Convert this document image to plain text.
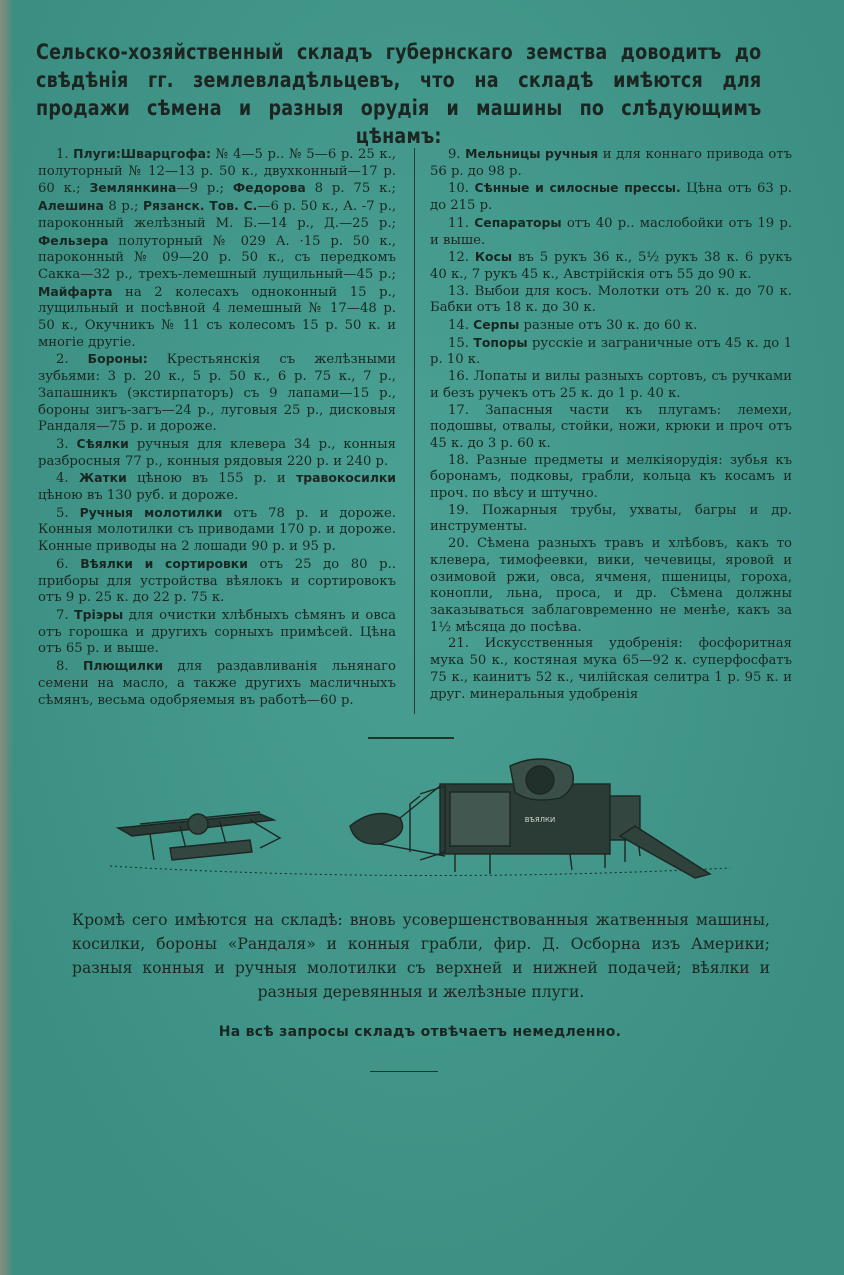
Сельско-хозяйственный складъ губернскаго земства доводитъ до свѣдѣнія гг. землевладѣльцевъ, что на складѣ имѣются для продажи сѣмена и разныя орудія и машины по слѣдующимъ цѣнамъ:

1. Плуги:Шварцгофа: № 4—5 р.. № 5—6 р. 25 к., полуторный № 12—13 р. 50 к., двухконный—17 р. 60 к.; Землянкина—9 р.; Федорова 8 р. 75 к.; Алешина 8 р.; Рязанск. Тов. С.—6 р. 50 к., А. -7 р., пароконный желѣзный М. Б.—14 р., Д.—25 р.; Фельзера полуторный № 029 А. ·15 р. 50 к., пароконный № 09—20 р. 50 к., съ передкомъ Сакка—32 р., трехъ-лемешный лущильный—45 р.; Майфарта на 2 колесахъ одноконный 15 р., лущильный и посѣвной 4 лемешный № 17—48 р. 50 к., Окучникъ № 11 съ колесомъ 15 р. 50 к. и многіе другіе.

2. Бороны: Крестьянскія съ желѣзными зубьями: 3 р. 20 к., 5 р. 50 к., 6 р. 75 к., 7 р., Запашникъ (экстирпаторъ) съ 9 лапами—15 р., бороны зигъ-загъ—24 р., луговыя 25 р., дисковыя Рандаля—75 р. и дороже.

3. Сѣялки ручныя для клевера 34 р., конныя разбросныя 77 р., конныя рядовыя 220 р. и 240 р.

4. Жатки цѣною въ 155 р. и травокосилки цѣною въ 130 руб. и дороже.

5. Ручныя молотилки отъ 78 р. и дороже. Конныя молотилки съ приводами 170 р. и дороже. Конные приводы на 2 лошади 90 р. и 95 р.

6. Вѣялки и сортировки отъ 25 до 80 р.. приборы для устройства вѣялокъ и сортировокъ отъ 9 р. 25 к. до 22 р. 75 к.

7. Тріэры для очистки хлѣбныхъ сѣмянъ и овса отъ горошка и другихъ сорныхъ примѣсей. Цѣна отъ 65 р. и выше.

8. Плющилки для раздавливанія льнянаго семени на масло, а также другихъ масличныхъ сѣмянъ, весьма одобряемыя въ работѣ—60 р.

9. Мельницы ручныя и для коннаго привода отъ 56 р. до 98 р.

10. Сѣнные и силосные прессы. Цѣна отъ 63 р. до 215 р.

11. Сепараторы отъ 40 р.. маслобойки отъ 19 р. и выше.

12. Косы въ 5 рукъ 36 к., 5½ рукъ 38 к. 6 рукъ 40 к., 7 рукъ 45 к., Австрійскія отъ 55 до 90 к.

13. Выбои для косъ. Молотки отъ 20 к. до 70 к. Бабки отъ 18 к. до 30 к.

14. Серпы разные отъ 30 к. до 60 к.

15. Топоры русскіе и заграничные отъ 45 к. до 1 р. 10 к.

16. Лопаты и вилы разныхъ сортовъ, съ ручками и безъ ручекъ отъ 25 к. до 1 р. 40 к.

17. Запасныя части къ плугамъ: лемехи, подошвы, отвалы, стойки, ножи, крюки и проч отъ 45 к. до 3 р. 60 к.

18. Разные предметы и мелкіяорудія: зубья къ боронамъ, подковы, грабли, кольца къ косамъ и проч. по вѣсу и штучно.

19. Пожарныя трубы, ухваты, багры и др. инструменты.

20. Сѣмена разныхъ травъ и хлѣбовъ, какъ то клевера, тимофеевки, вики, чечевицы, яровой и озимовой ржи, овса, ячменя, пшеницы, гороха, конопли, льна, проса, и др. Сѣмена должны заказываться заблаговременно не менѣе, какъ за 1½ мѣсяца до посѣва.

21. Искусственныя удобренія: фосфоритная мука 50 к., костяная мука 65—92 к. суперфосфатъ 75 к., каинитъ 52 к., чилійская селитра 1 р. 95 к. и друг. минеральныя удобренія

ВѢЯЛКИ
Кромѣ сего имѣются на складѣ: вновь усовершенствованныя жатвенныя машины, косилки, бороны «Рандаля» и конныя грабли, фир. Д. Осборна изъ Америки; разныя конныя и ручныя молотилки съ верхней и нижней подачей; вѣялки и разныя деревянныя и желѣзные плуги.
На всѣ запросы складъ отвѣчаетъ немедленно.
